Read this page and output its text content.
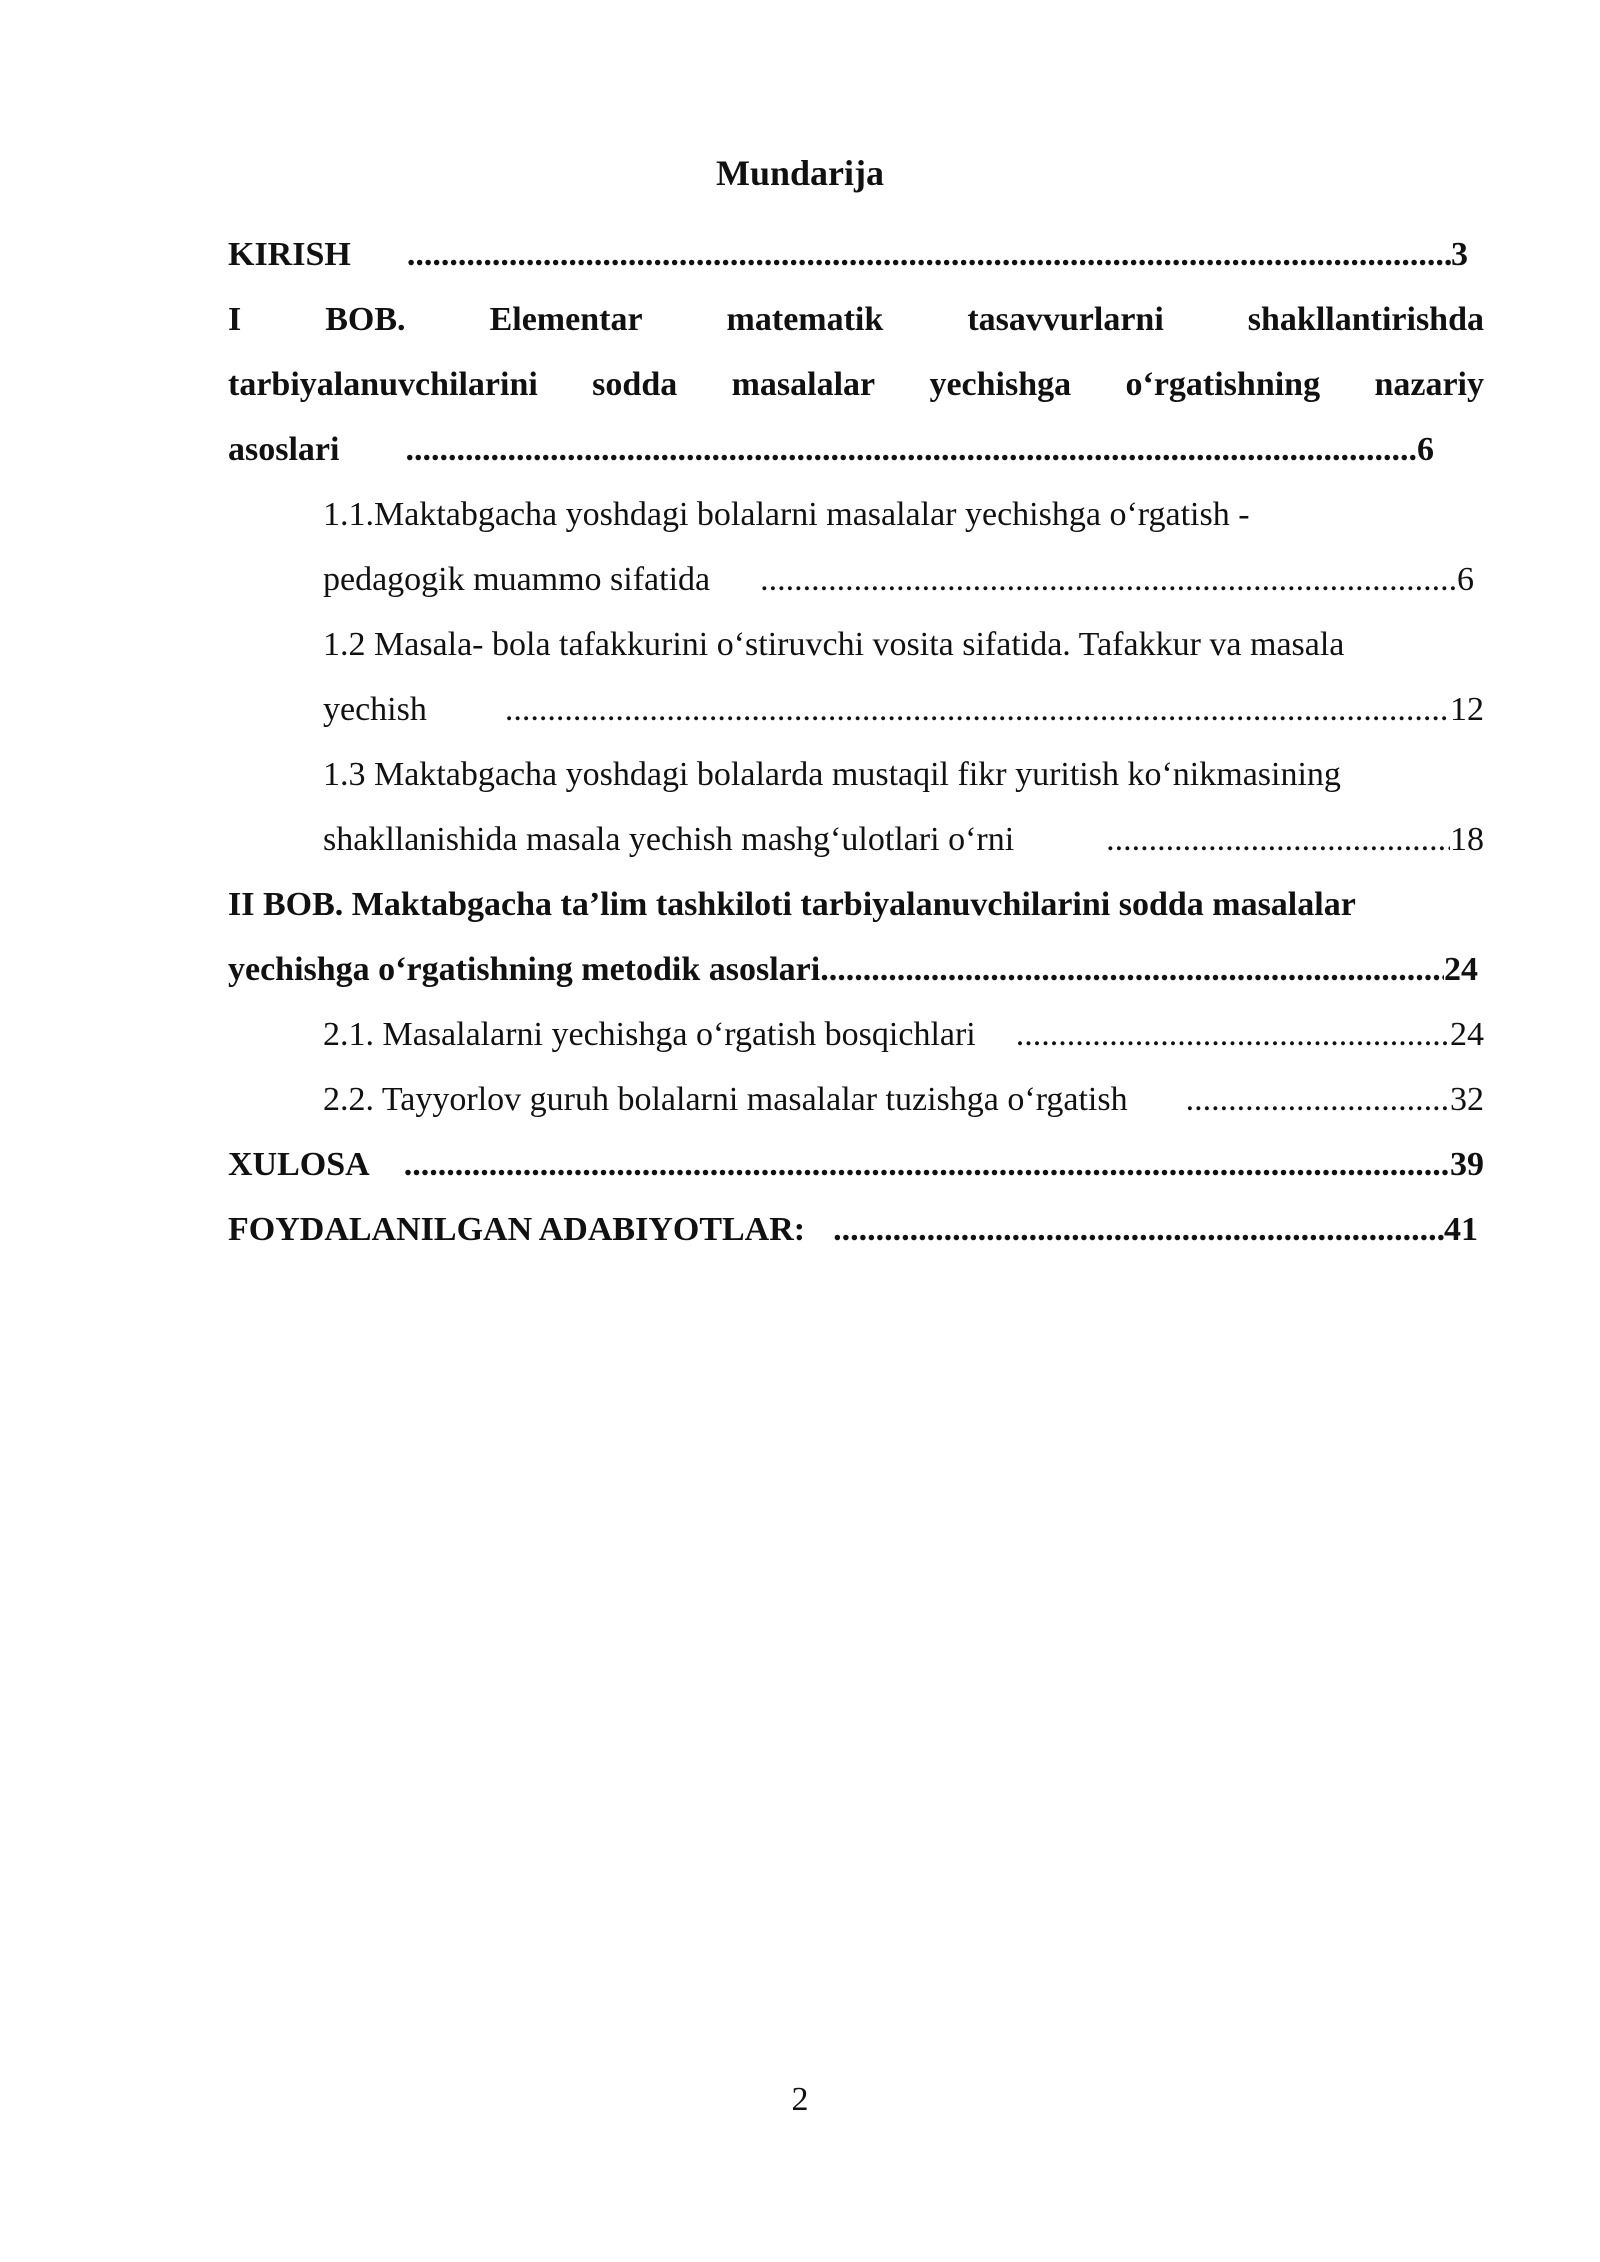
Mundarija
KIRISH .....	3
I BOB. Elementar matematik tasavvurlarni shakllantirishda
tarbiyalanuvchilarini sodda masalalar yechishga o‘rgatishning nazariy
asoslari .....	6
1.1.Maktabgacha yoshdagi bolalarni masalalar yechishga o‘rgatish -
pedagogik muammo sifatida .....	6
1.2 Masala- bola tafakkurini o‘stiruvchi vosita sifatida. Tafakkur va masala
yechish .....	12
1.3 Maktabgacha yoshdagi bolalarda mustaqil fikr yuritish ko‘nikmasining
shakllanishida masala yechish mashg‘ulotlari o‘rni .....	18
II BOB. Maktabgacha ta’lim tashkiloti tarbiyalanuvchilarini sodda masalalar
yechishga o‘rgatishning metodik asoslari. .....	24
2.1. Masalalarni yechishga o‘rgatish bosqichlari .....	24
2.2. Tayyorlov guruh bolalarni masalalar tuzishga o‘rgatish .....	32
XULOSA .....	39
FOYDALANILGAN ADABIYOTLAR: .....	41
2
